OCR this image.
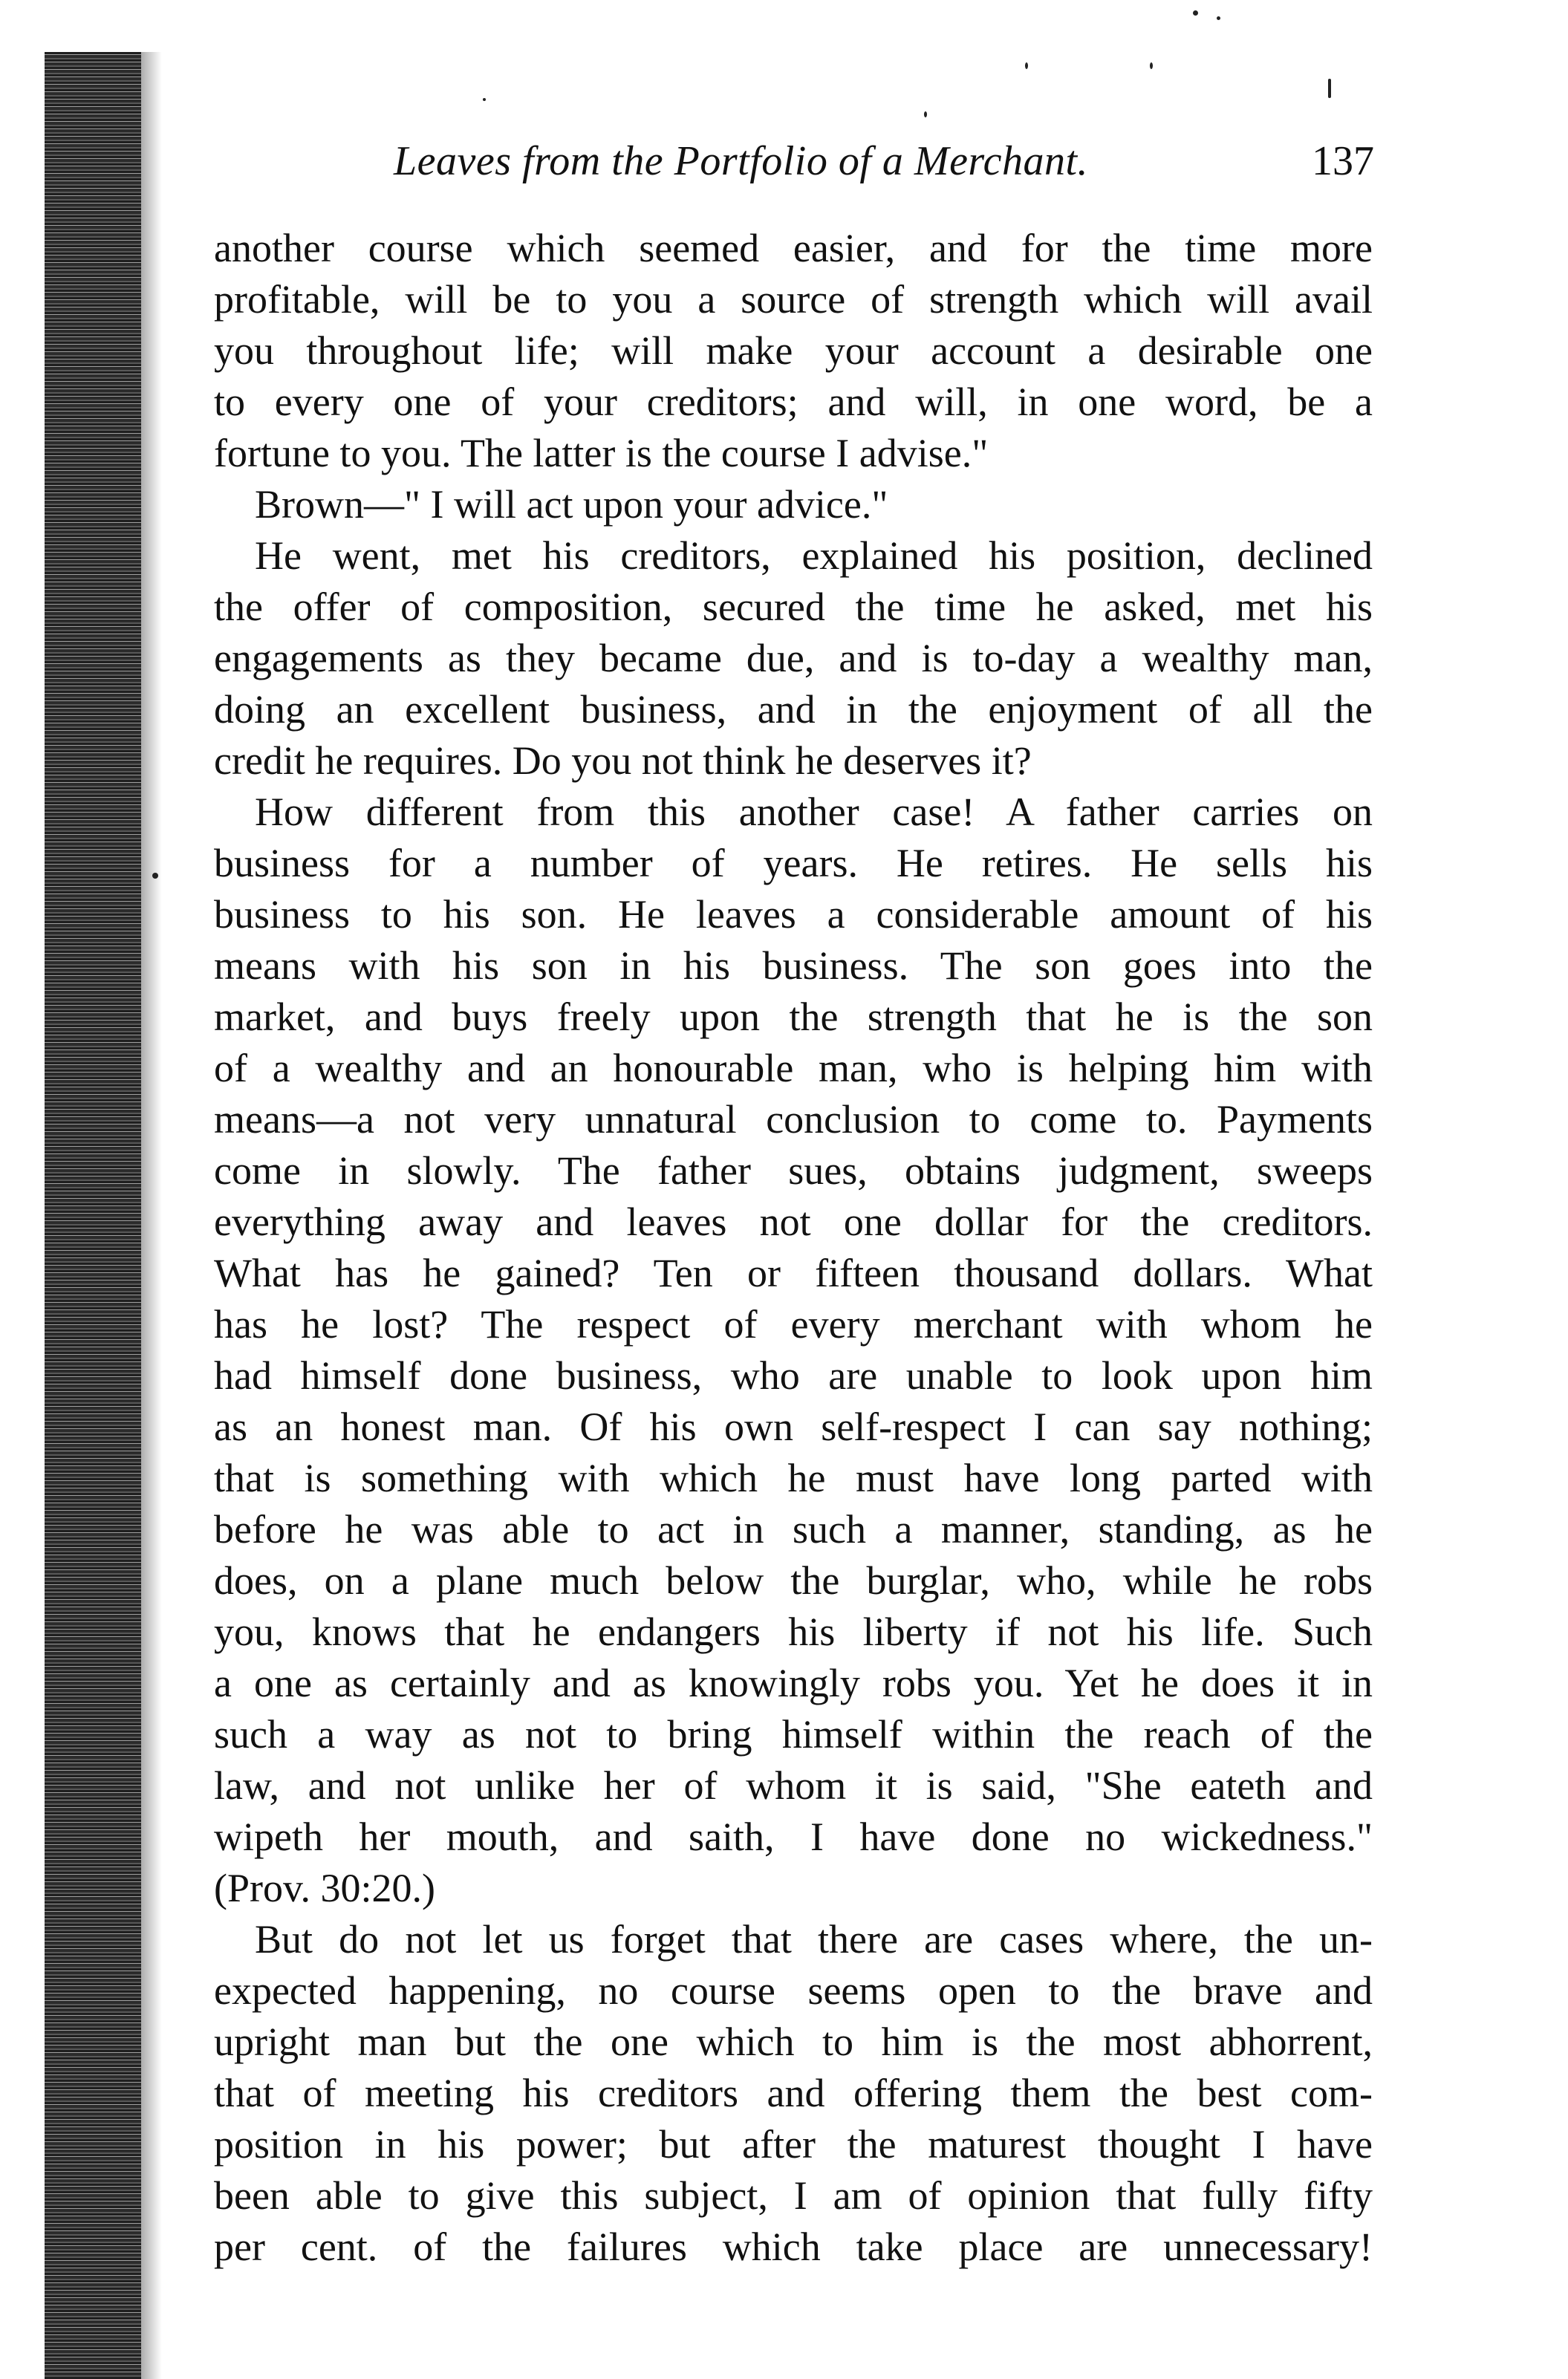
Leaves from the Portfolio of a Merchant.	137
another course which seemed easier, and for the time more
profitable, will be to you a source of strength which will avail
you throughout life; will make your account a desirable one
to every one of your creditors; and will, in one word, be a
fortune to you. The latter is the course I advise."
Brown—" I will act upon your advice."
He went, met his creditors, explained his position, declined
the offer of composition, secured the time he asked, met his
engagements as they became due, and is to-day a wealthy man,
doing an excellent business, and in the enjoyment of all the
credit he requires. Do you not think he deserves it?
How different from this another case! A father carries on
business for a number of years. He retires. He sells his
business to his son. He leaves a considerable amount of his
means with his son in his business. The son goes into the
market, and buys freely upon the strength that he is the son
of a wealthy and an honourable man, who is helping him with
means—a not very unnatural conclusion to come to. Payments
come in slowly. The father sues, obtains judgment, sweeps
everything away and leaves not one dollar for the creditors.
What has he gained? Ten or fifteen thousand dollars. What
has he lost? The respect of every merchant with whom he
had himself done business, who are unable to look upon him
as an honest man. Of his own self-respect I can say nothing;
that is something with which he must have long parted with
before he was able to act in such a manner, standing, as he
does, on a plane much below the burglar, who, while he robs
you, knows that he endangers his liberty if not his life. Such
a one as certainly and as knowingly robs you. Yet he does it in
such a way as not to bring himself within the reach of the
law, and not unlike her of whom it is said, "She eateth and
wipeth her mouth, and saith, I have done no wickedness."
(Prov. 30:20.)
But do not let us forget that there are cases where, the un-
expected happening, no course seems open to the brave and
upright man but the one which to him is the most abhorrent,
that of meeting his creditors and offering them the best com-
position in his power; but after the maturest thought I have
been able to give this subject, I am of opinion that fully fifty
per cent. of the failures which take place are unnecessary!
